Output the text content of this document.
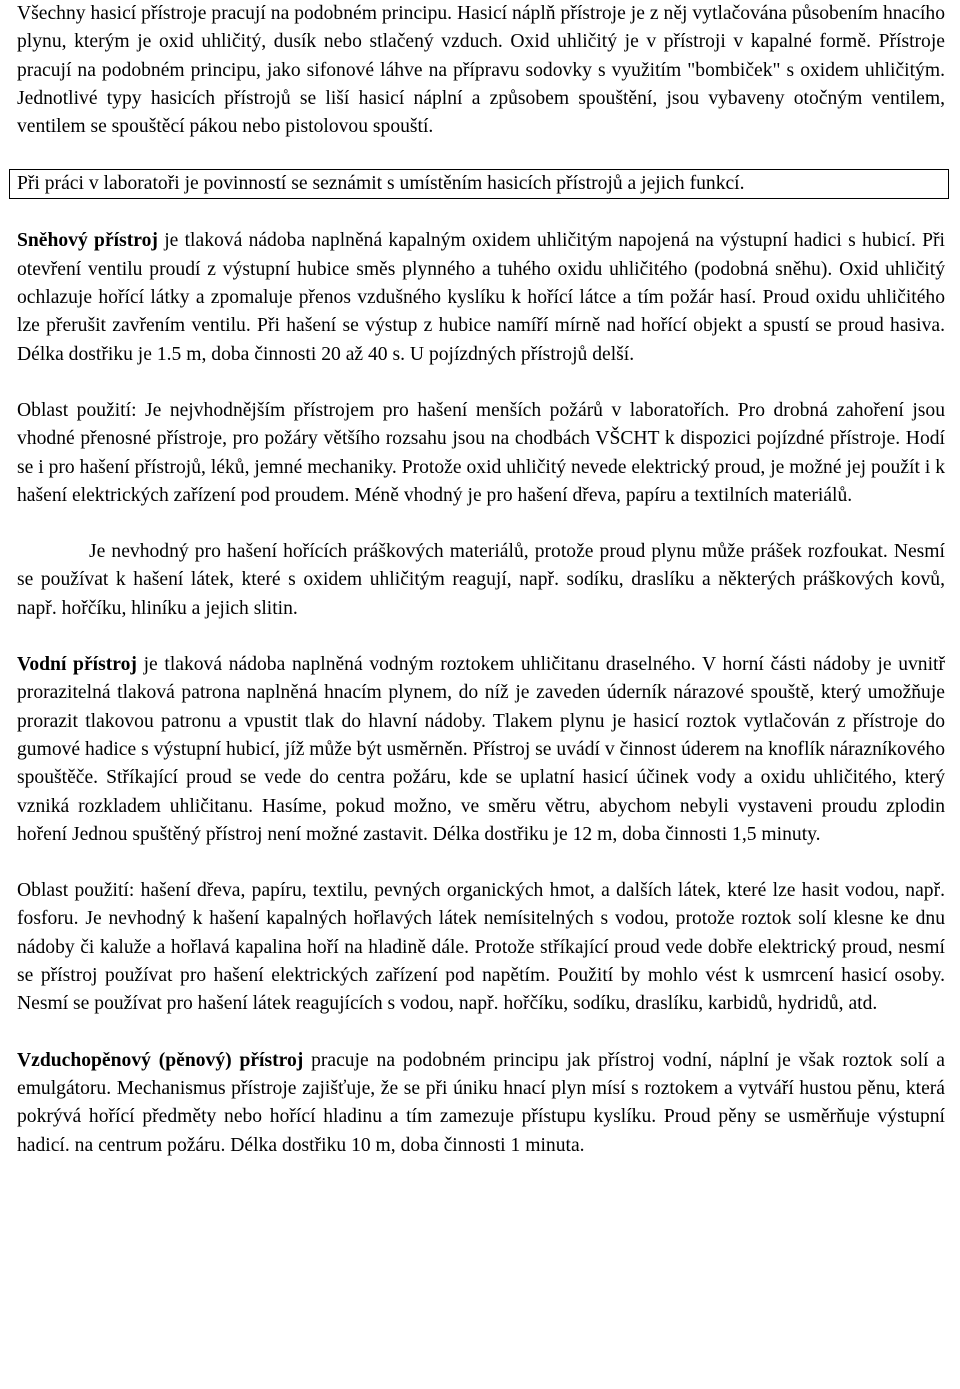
Všechny hasicí přístroje pracují na podobném principu. Hasicí náplň přístroje je z něj vytlačována působením hnacího plynu, kterým je oxid uhličitý, dusík nebo stlačený vzduch. Oxid uhličitý je v přístroji v kapalné formě. Přístroje pracují na podobném principu, jako sifonové láhve na přípravu sodovky s využitím "bombiček" s oxidem uhličitým. Jednotlivé typy hasicích přístrojů se liší hasicí náplní a způsobem spouštění, jsou vybaveny otočným ventilem, ventilem se spouštěcí pákou nebo pistolovou spouští.

Při práci v laboratoři je povinností se seznámit s umístěním hasicích přístrojů a jejich funkcí.

Sněhový přístroj je tlaková nádoba naplněná kapalným oxidem uhličitým napojená na výstupní hadici s hubicí. Při otevření ventilu proudí z výstupní hubice směs plynného a tuhého oxidu uhličitého (podobná sněhu). Oxid uhličitý ochlazuje hořící látky a zpomaluje přenos vzdušného kyslíku k hořící látce a tím požár hasí. Proud oxidu uhličitého lze přerušit zavřením ventilu. Při hašení se výstup z hubice namíří mírně nad hořící objekt a spustí se proud hasiva. Délka dostřiku je 1.5 m, doba činnosti 20 až 40 s. U pojízdných přístrojů delší.

Oblast použití: Je nejvhodnějším přístrojem pro hašení menších požárů v laboratořích. Pro drobná zahoření jsou vhodné přenosné přístroje, pro požáry většího rozsahu jsou na chodbách VŠCHT k dispozici pojízdné přístroje. Hodí se i pro hašení přístrojů, léků, jemné mechaniky. Protože oxid uhličitý nevede elektrický proud, je možné jej použít i k hašení elektrických zařízení pod proudem. Méně vhodný je pro hašení dřeva, papíru a textilních materiálů.

Je nevhodný pro hašení hořících práškových materiálů, protože proud plynu může prášek rozfoukat. Nesmí se používat k hašení látek, které s oxidem uhličitým reagují, např. sodíku, draslíku a některých práškových kovů, např. hořčíku, hliníku a jejich slitin.

Vodní přístroj je tlaková nádoba naplněná vodným roztokem uhličitanu draselného. V horní části nádoby je uvnitř prorazitelná tlaková patrona naplněná hnacím plynem, do níž je zaveden úderník nárazové spouště, který umožňuje prorazit tlakovou patronu a vpustit tlak do hlavní nádoby. Tlakem plynu je hasicí roztok vytlačován z přístroje do gumové hadice s výstupní hubicí, jíž může být usměrněn. Přístroj se uvádí v činnost úderem na knoflík nárazníkového spouštěče. Stříkající proud se vede do centra požáru, kde se uplatní hasicí účinek vody a oxidu uhličitého, který vzniká rozkladem uhličitanu. Hasíme, pokud možno, ve směru větru, abychom nebyli vystaveni proudu zplodin hoření Jednou spuštěný přístroj není možné zastavit. Délka dostřiku je 12 m, doba činnosti 1,5 minuty.

Oblast použití: hašení dřeva, papíru, textilu, pevných organických hmot, a dalších látek, které lze hasit vodou, např. fosforu. Je nevhodný k hašení kapalných hořlavých látek nemísitelných s vodou, protože roztok solí klesne ke dnu nádoby či kaluže a hořlavá kapalina hoří na hladině dále. Protože stříkající proud vede dobře elektrický proud, nesmí se přístroj používat pro hašení elektrických zařízení pod napětím. Použití by mohlo vést k usmrcení hasicí osoby. Nesmí se používat pro hašení látek reagujících s vodou, např. hořčíku, sodíku, draslíku, karbidů, hydridů, atd.

Vzduchopěnový (pěnový) přístroj pracuje na podobném principu jak přístroj vodní, náplní je však roztok solí a emulgátoru. Mechanismus přístroje zajišťuje, že se při úniku hnací plyn mísí s roztokem a vytváří hustou pěnu, která pokrývá hořící předměty nebo hořící hladinu a tím zamezuje přístupu kyslíku. Proud pěny se usměrňuje výstupní hadicí. na centrum požáru. Délka dostřiku 10 m, doba činnosti 1 minuta.
